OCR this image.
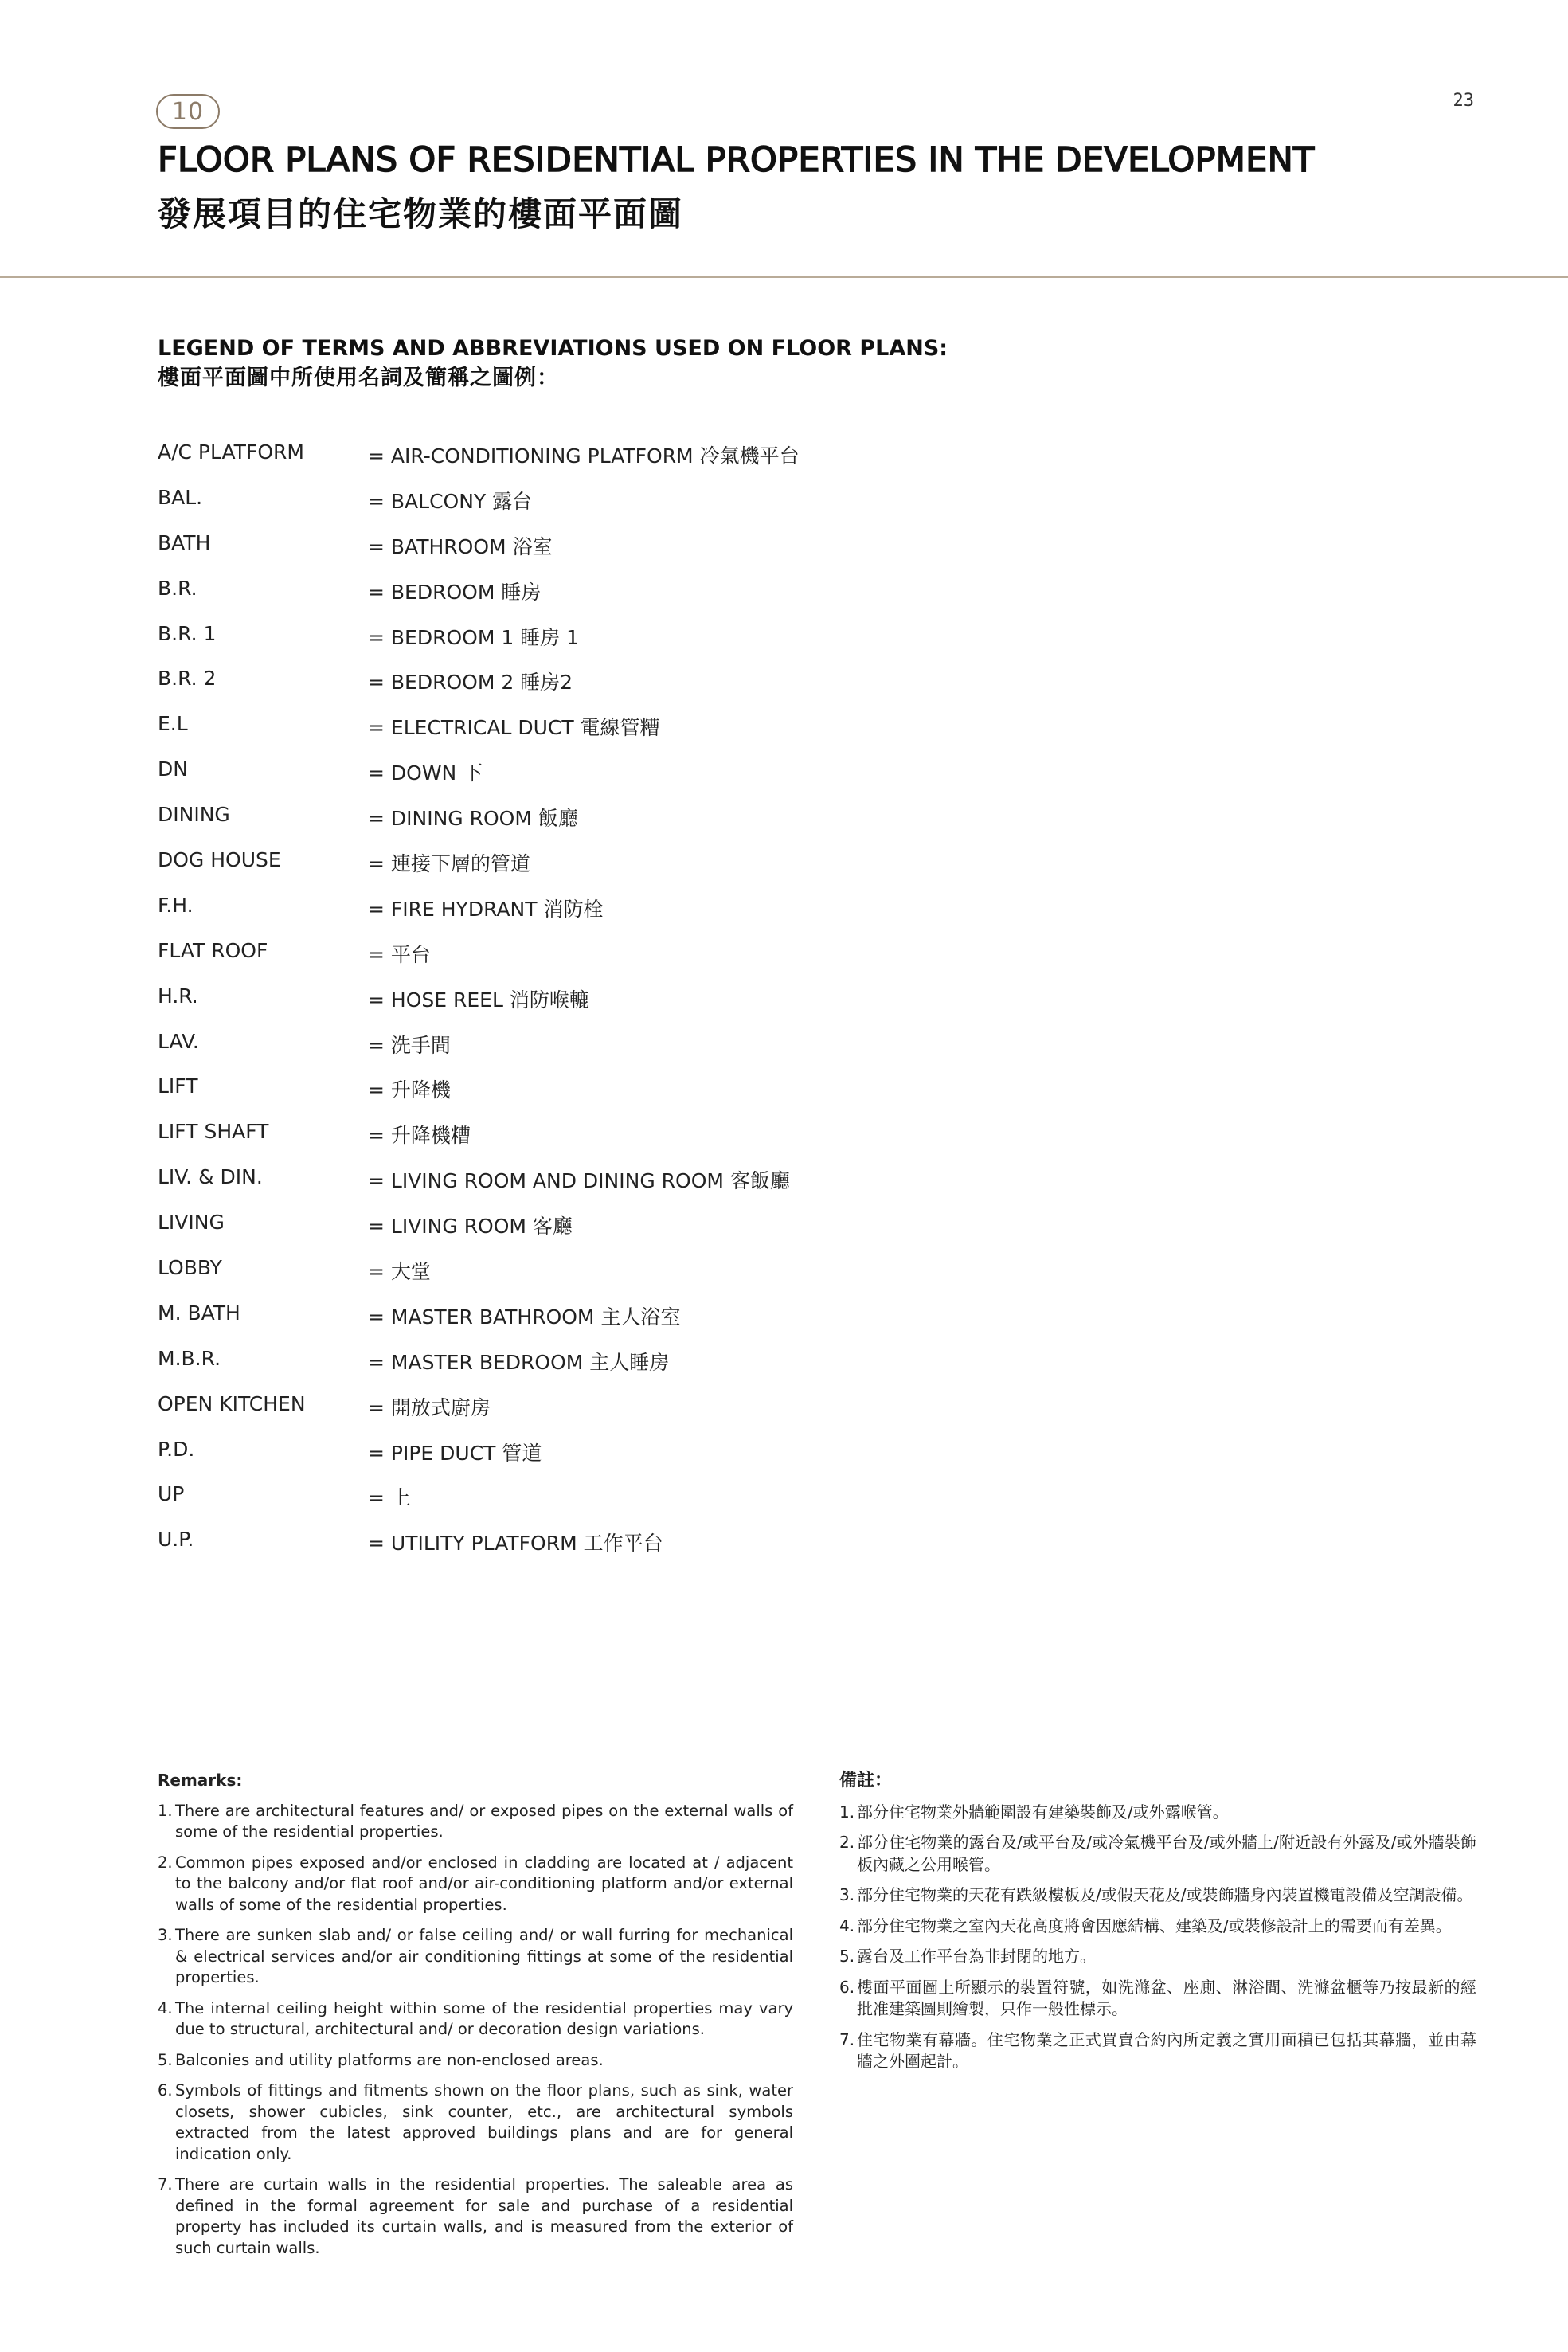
10	23
FLOOR PLANS OF RESIDENTIAL PROPERTIES IN THE DEVELOPMENT
發展項目的住宅物業的樓面平面圖
LEGEND OF TERMS AND ABBREVIATIONS USED ON FLOOR PLANS:
樓面平面圖中所使用名詞及簡稱之圖例：
A/C PLATFORM	= AIR-CONDITIONING PLATFORM 冷氣機平台
BAL.	= BALCONY 露台
BATH	= BATHROOM 浴室
B.R.	= BEDROOM 睡房
B.R. 1	= BEDROOM 1 睡房 1
B.R. 2	= BEDROOM 2 睡房2
E.L	= ELECTRICAL DUCT 電線管糟
DN	= DOWN 下
DINING	= DINING ROOM 飯廳
DOG HOUSE	= 連接下層的管道
F.H.	= FIRE HYDRANT 消防栓
FLAT ROOF	= 平台
H.R.	= HOSE REEL 消防喉轆
LAV.	= 洗手間
LIFT	= 升降機
LIFT SHAFT	= 升降機糟
LIV. & DIN.	= LIVING ROOM AND DINING ROOM 客飯廳
LIVING	= LIVING ROOM 客廳
LOBBY	= 大堂
M. BATH	= MASTER BATHROOM 主人浴室
M.B.R.	= MASTER BEDROOM 主人睡房
OPEN KITCHEN	= 開放式廚房
P.D.	= PIPE DUCT 管道
UP	= 上
U.P.	= UTILITY PLATFORM 工作平台
Remarks:
1. There are architectural features and/ or exposed pipes on the external walls of some of the residential properties.
2. Common pipes exposed and/or enclosed in cladding are located at / adjacent to the balcony and/or flat roof and/or air-conditioning platform and/or external walls of some of the residential properties.
3. There are sunken slab and/ or false ceiling and/ or wall furring for mechanical & electrical services and/or air conditioning fittings at some of the residential properties.
4. The internal ceiling height within some of the residential properties may vary due to structural, architectural and/ or decoration design variations.
5. Balconies and utility platforms are non-enclosed areas.
6. Symbols of fittings and fitments shown on the floor plans, such as sink, water closets, shower cubicles, sink counter, etc., are architectural symbols extracted from the latest approved buildings plans and are for general indication only.
7. There are curtain walls in the residential properties. The saleable area as defined in the formal agreement for sale and purchase of a residential property has included its curtain walls, and is measured from the exterior of such curtain walls.
備註：
1. 部分住宅物業外牆範圍設有建築裝飾及/或外露喉管。
2. 部分住宅物業的露台及/或平台及/或冷氣機平台及/或外牆上/附近設有外露及/或外牆裝飾板內藏之公用喉管。
3. 部分住宅物業的天花有跌級樓板及/或假天花及/或裝飾牆身內裝置機電設備及空調設備。
4. 部分住宅物業之室內天花高度將會因應結構、建築及/或裝修設計上的需要而有差異。
5. 露台及工作平台為非封閉的地方。
6. 樓面平面圖上所顯示的裝置符號，如洗滌盆、座廁、淋浴間、洗滌盆櫃等乃按最新的經批准建築圖則繪製，只作一般性標示。
7. 住宅物業有幕牆。住宅物業之正式買賣合約內所定義之實用面積已包括其幕牆，並由幕牆之外圍起計。
